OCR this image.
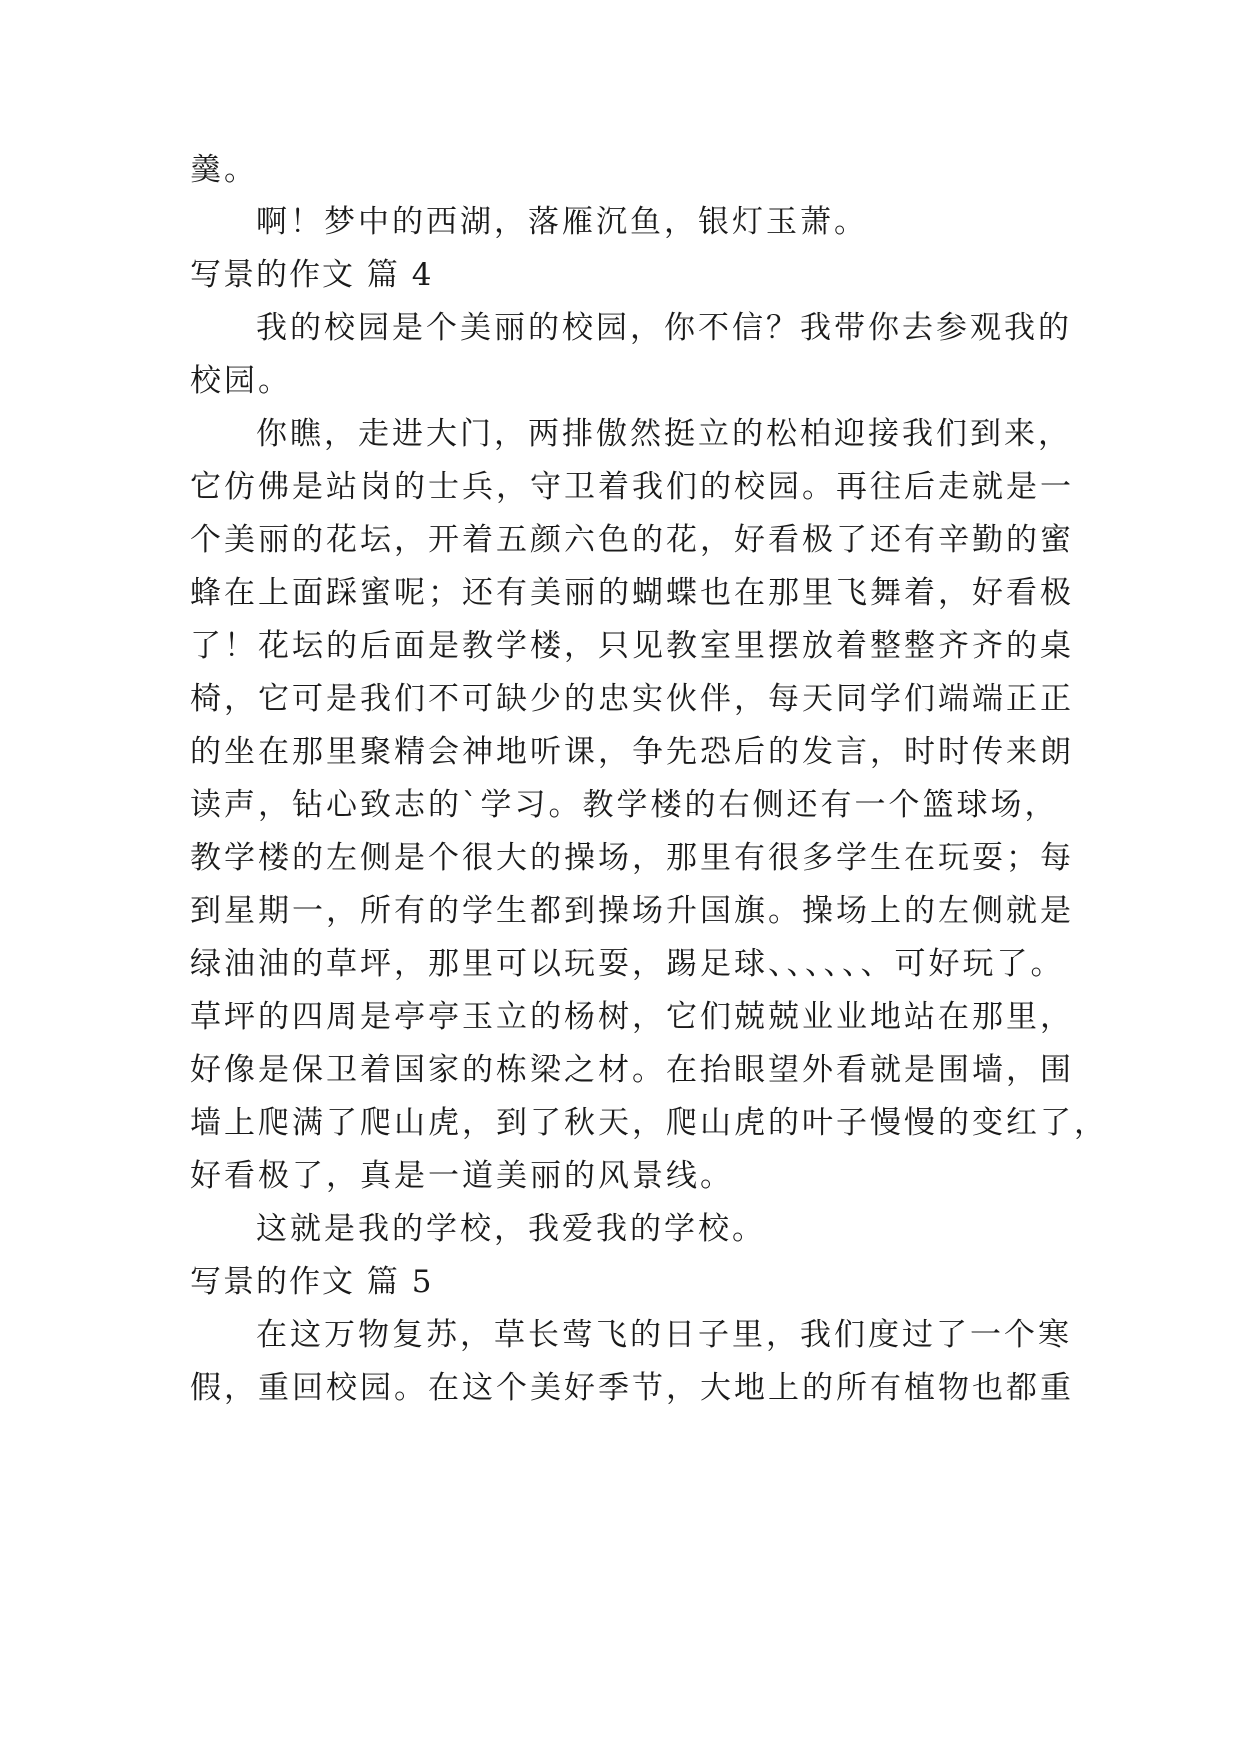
羹。
啊！梦中的西湖，落雁沉鱼，银灯玉萧。
写景的作文 篇 4
我的校园是个美丽的校园，你不信？我带你去参观我的
校园。
你瞧，走进大门，两排傲然挺立的松柏迎接我们到来，
它仿佛是站岗的士兵，守卫着我们的校园。再往后走就是一
个美丽的花坛，开着五颜六色的花，好看极了还有辛勤的蜜
蜂在上面踩蜜呢；还有美丽的蝴蝶也在那里飞舞着，好看极
了！花坛的后面是教学楼，只见教室里摆放着整整齐齐的桌
椅，它可是我们不可缺少的忠实伙伴，每天同学们端端正正
的坐在那里聚精会神地听课，争先恐后的发言，时时传来朗
读声，钻心致志的`学习。教学楼的右侧还有一个篮球场，
教学楼的左侧是个很大的操场，那里有很多学生在玩耍；每
到星期一，所有的学生都到操场升国旗。操场上的左侧就是
绿油油的草坪，那里可以玩耍，踢足球、、、、、、可好玩了。
草坪的四周是亭亭玉立的杨树，它们兢兢业业地站在那里，
好像是保卫着国家的栋梁之材。在抬眼望外看就是围墙，围
墙上爬满了爬山虎，到了秋天，爬山虎的叶子慢慢的变红了，
好看极了，真是一道美丽的风景线。
这就是我的学校，我爱我的学校。
写景的作文 篇 5
在这万物复苏，草长莺飞的日子里，我们度过了一个寒
假，重回校园。在这个美好季节，大地上的所有植物也都重
